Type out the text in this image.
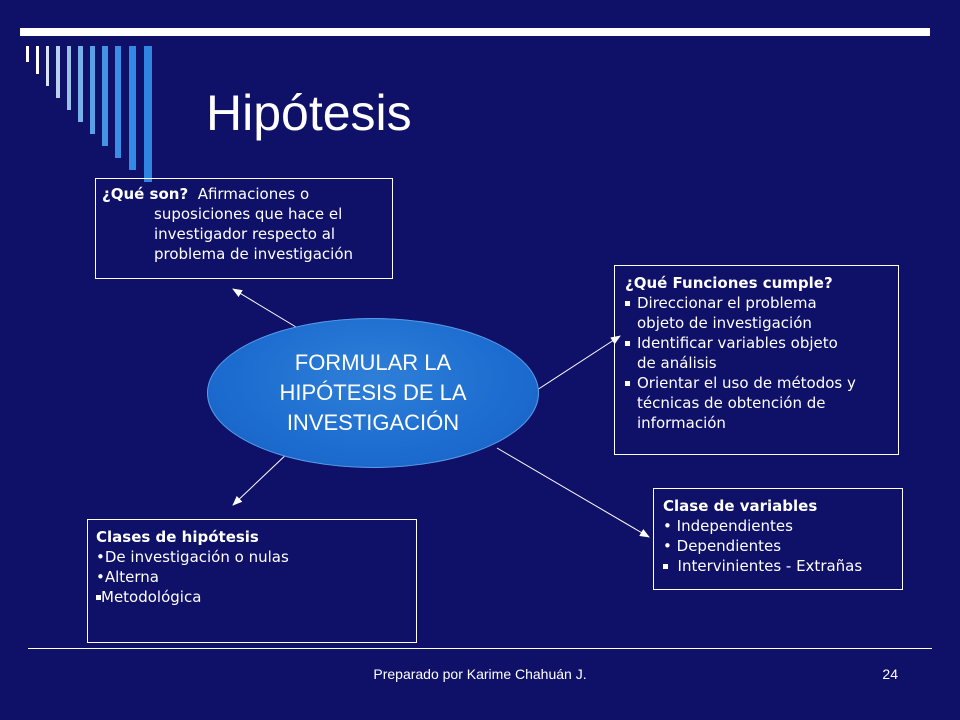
Hipótesis
¿Qué son? Afirmaciones o
suposiciones que hace el
investigador respecto al
problema de investigación
¿Qué Funciones cumple?
Direccionar el problema
objeto de investigación
Identificar variables objeto
de análisis
Orientar el uso de métodos y
técnicas de obtención de
información
FORMULAR LA HIPÓTESIS DE LA INVESTIGACIÓN
Clases de hipótesis
•De investigación o nulas
•Alterna
Metodológica
Clase de variables
• Independientes
• Dependientes
Intervinientes - Extrañas
Preparado por Karime Chahuán J.	24
